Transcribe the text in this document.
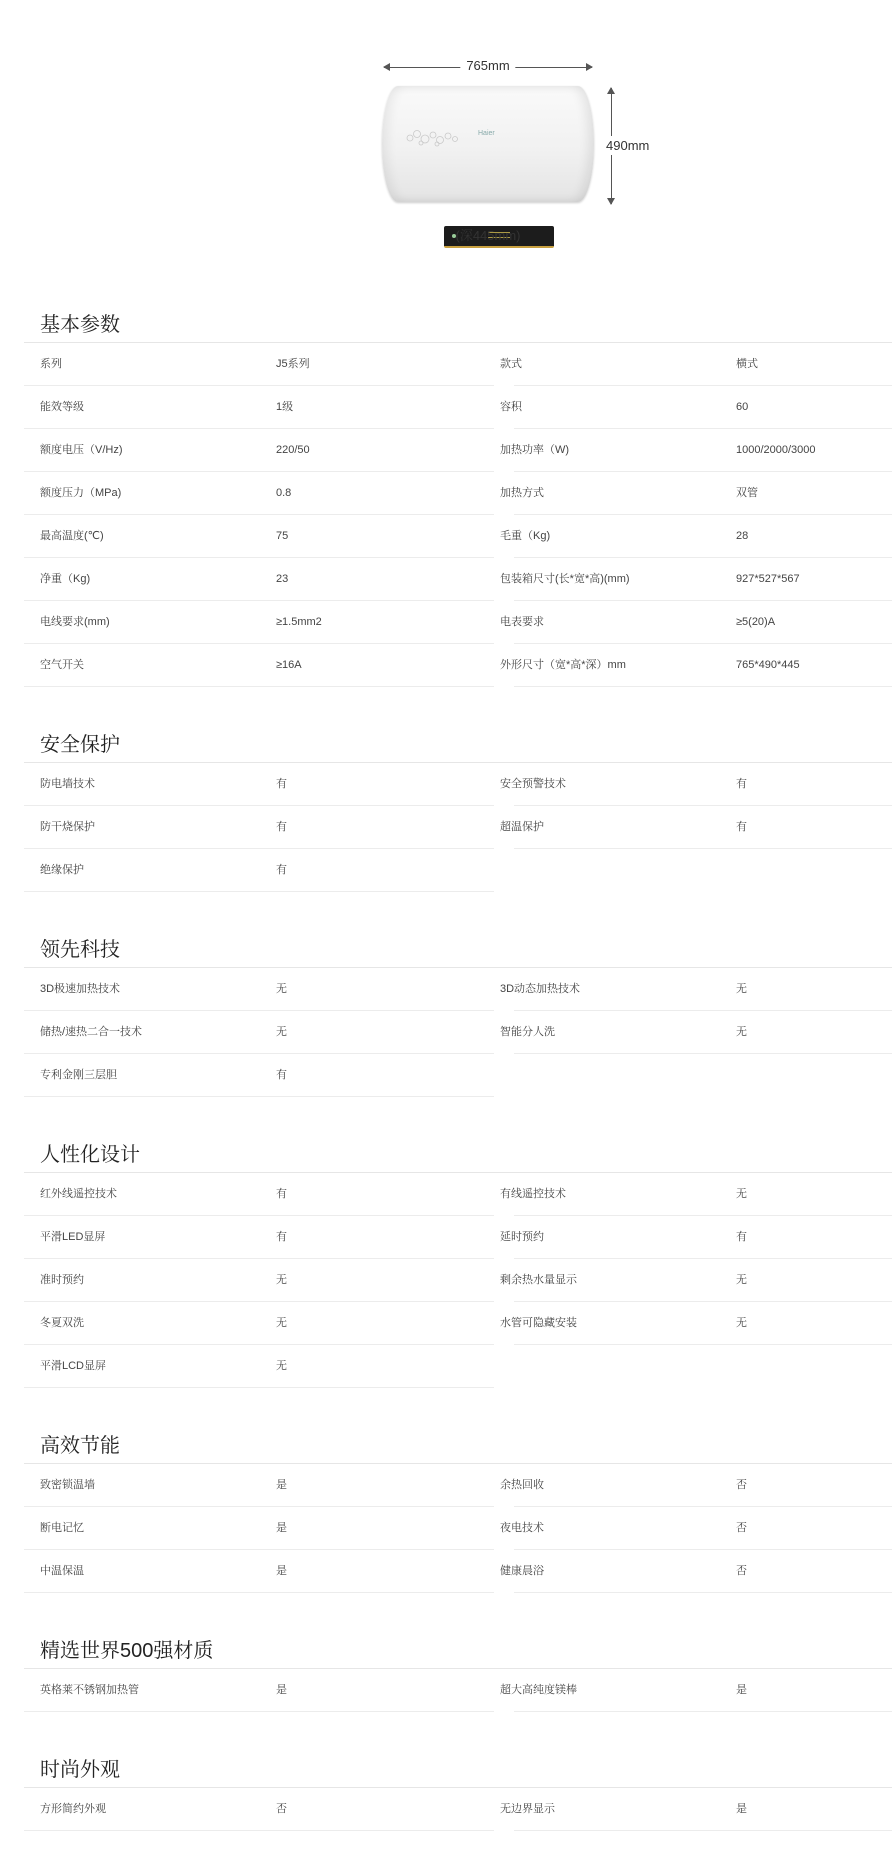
765mm
Haier
490mm
(深445mm)
基本参数
系列	J5系列	款式	横式
能效等级	1级	容积	60
额度电压（V/Hz)	220/50	加热功率（W)	1000/2000/3000
额度压力（MPa)	0.8	加热方式	双管
最高温度(℃)	75	毛重（Kg)	28
净重（Kg)	23	包装箱尺寸(长*宽*高)(mm)	927*527*567
电线要求(mm)	≥1.5mm2	电表要求	≥5(20)A
空气开关	≥16A	外形尺寸（宽*高*深）mm	765*490*445
安全保护
防电墙技术	有	安全预警技术	有
防干烧保护	有	超温保护	有
绝缘保护	有
领先科技
3D极速加热技术	无	3D动态加热技术	无
储热/速热二合一技术	无	智能分人洗	无
专利金刚三层胆	有
人性化设计
红外线遥控技术	有	有线遥控技术	无
平滑LED显屏	有	延时预约	有
准时预约	无	剩余热水量显示	无
冬夏双洗	无	水管可隐藏安装	无
平滑LCD显屏	无
高效节能
致密锁温墙	是	余热回收	否
断电记忆	是	夜电技术	否
中温保温	是	健康晨浴	否
精选世界500强材质
英格莱不锈钢加热管	是	超大高纯度镁棒	是
时尚外观
方形简约外观	否	无边界显示	是
